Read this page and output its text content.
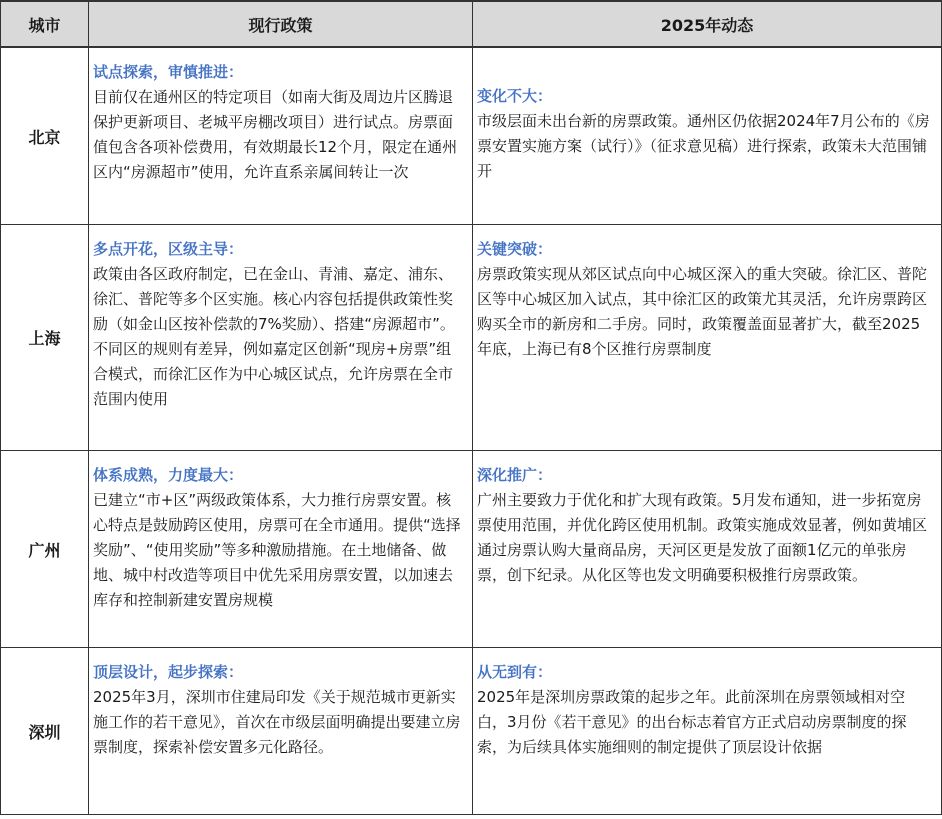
城市	现行政策	2025年动态
北京	试点探索，审慎推进：
目前仅在通州区的特定项目（如南大街及周边片区腾退保护更新项目、老城平房棚改项目）进行试点。房票面值包含各项补偿费用，有效期最长12个月，限定在通州区内“房源超市”使用，允许直系亲属间转让一次	变化不大：
市级层面未出台新的房票政策。通州区仍依据2024年7月公布的《房票安置实施方案（试行）》（征求意见稿）进行探索，政策未大范围铺开

上海	多点开花，区级主导：
政策由各区政府制定，已在金山、青浦、嘉定、浦东、徐汇、普陀等多个区实施。核心内容包括提供政策性奖励（如金山区按补偿款的7%奖励）、搭建“房源超市”。不同区的规则有差异，例如嘉定区创新“现房+房票”组合模式，而徐汇区作为中心城区试点，允许房票在全市范围内使用	关键突破：
房票政策实现从郊区试点向中心城区深入的重大突破。徐汇区、普陀区等中心城区加入试点，其中徐汇区的政策尤其灵活，允许房票跨区购买全市的新房和二手房。同时，政策覆盖面显著扩大，截至2025年底，上海已有8个区推行房票制度

广州	体系成熟，力度最大：
已建立“市+区”两级政策体系，大力推行房票安置。核心特点是鼓励跨区使用，房票可在全市通用。提供“选择奖励”、“使用奖励”等多种激励措施。在土地储备、做地、城中村改造等项目中优先采用房票安置，以加速去库存和控制新建安置房规模	深化推广：
广州主要致力于优化和扩大现有政策。5月发布通知，进一步拓宽房票使用范围，并优化跨区使用机制。政策实施成效显著，例如黄埔区通过房票认购大量商品房，天河区更是发放了面额1亿元的单张房票，创下纪录。从化区等也发文明确要积极推行房票政策。

深圳	顶层设计，起步探索：
2025年3月，深圳市住建局印发《关于规范城市更新实施工作的若干意见》，首次在市级层面明确提出要建立房票制度，探索补偿安置多元化路径。	从无到有：
2025年是深圳房票政策的起步之年。此前深圳在房票领域相对空白，3月份《若干意见》的出台标志着官方正式启动房票制度的探索，为后续具体实施细则的制定提供了顶层设计依据
